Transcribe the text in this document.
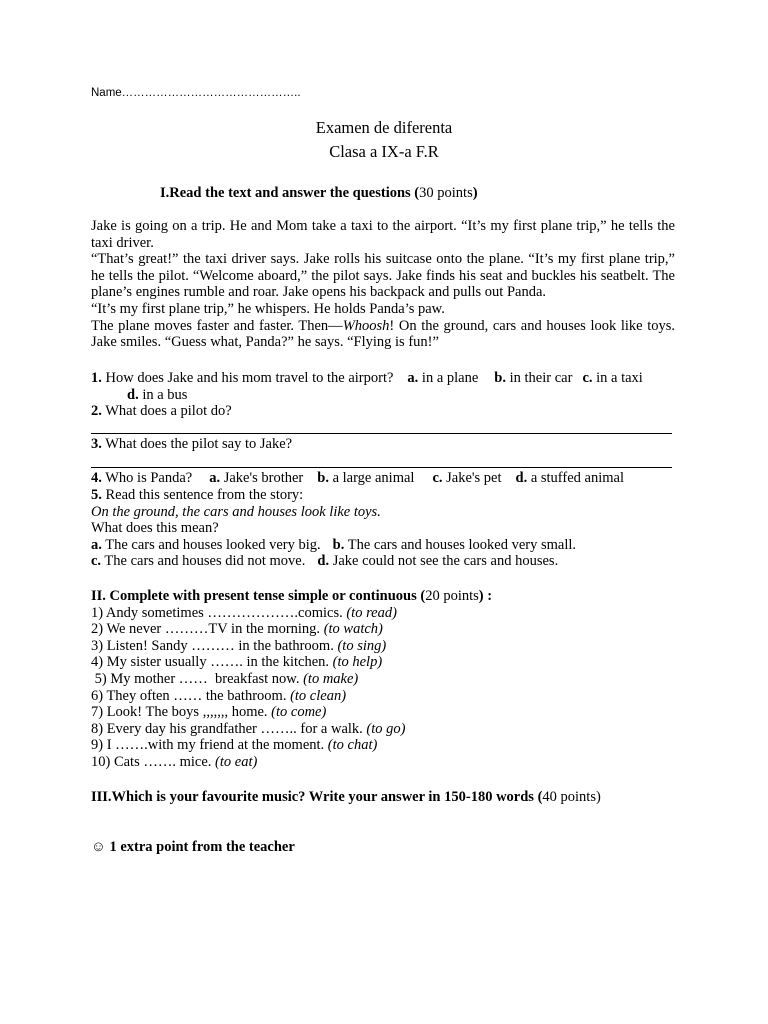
Name………………………………………..
Examen de diferenta
Clasa a IX-a F.R
I.Read the text and answer the questions (30 points)
Jake is going on a trip. He and Mom take a taxi to the airport. “It’s my first plane trip,” he tells the taxi driver.
“That’s great!” the taxi driver says. Jake rolls his suitcase onto the plane. “It’s my first plane trip,” he tells the pilot. “Welcome aboard,” the pilot says. Jake finds his seat and buckles his seatbelt. The plane’s engines rumble and roar. Jake opens his backpack and pulls out Panda.
“It’s my first plane trip,” he whispers. He holds Panda’s paw.
The plane moves faster and faster. Then—Whoosh! On the ground, cars and houses look like toys. Jake smiles. “Guess what, Panda?” he says. “Flying is fun!”
1. How does Jake and his mom travel to the airport? a. in a plane b. in their car c. in a taxi
d. in a bus
2. What does a pilot do?
3. What does the pilot say to Jake?
4. Who is Panda? a. Jake's brother b. a large animal c. Jake's pet d. a stuffed animal
5. Read this sentence from the story:
On the ground, the cars and houses look like toys.
What does this mean?
a. The cars and houses looked very big. b. The cars and houses looked very small.
c. The cars and houses did not move. d. Jake could not see the cars and houses.
II. Complete with present tense simple or continuous (20 points) :
1) Andy sometimes ……………….comics. (to read)
2) We never ………TV in the morning. (to watch)
3) Listen! Sandy ……… in the bathroom. (to sing)
4) My sister usually ……. in the kitchen. (to help)
5) My mother ……  breakfast now. (to make)
6) They often …… the bathroom. (to clean)
7) Look! The boys ,,,,,,, home. (to come)
8) Every day his grandfather …….. for a walk. (to go)
9) I …….with my friend at the moment. (to chat)
10) Cats ……. mice. (to eat)
III.Which is your favourite music? Write your answer in 150-180 words (40 points)
☺ 1 extra point from the teacher
